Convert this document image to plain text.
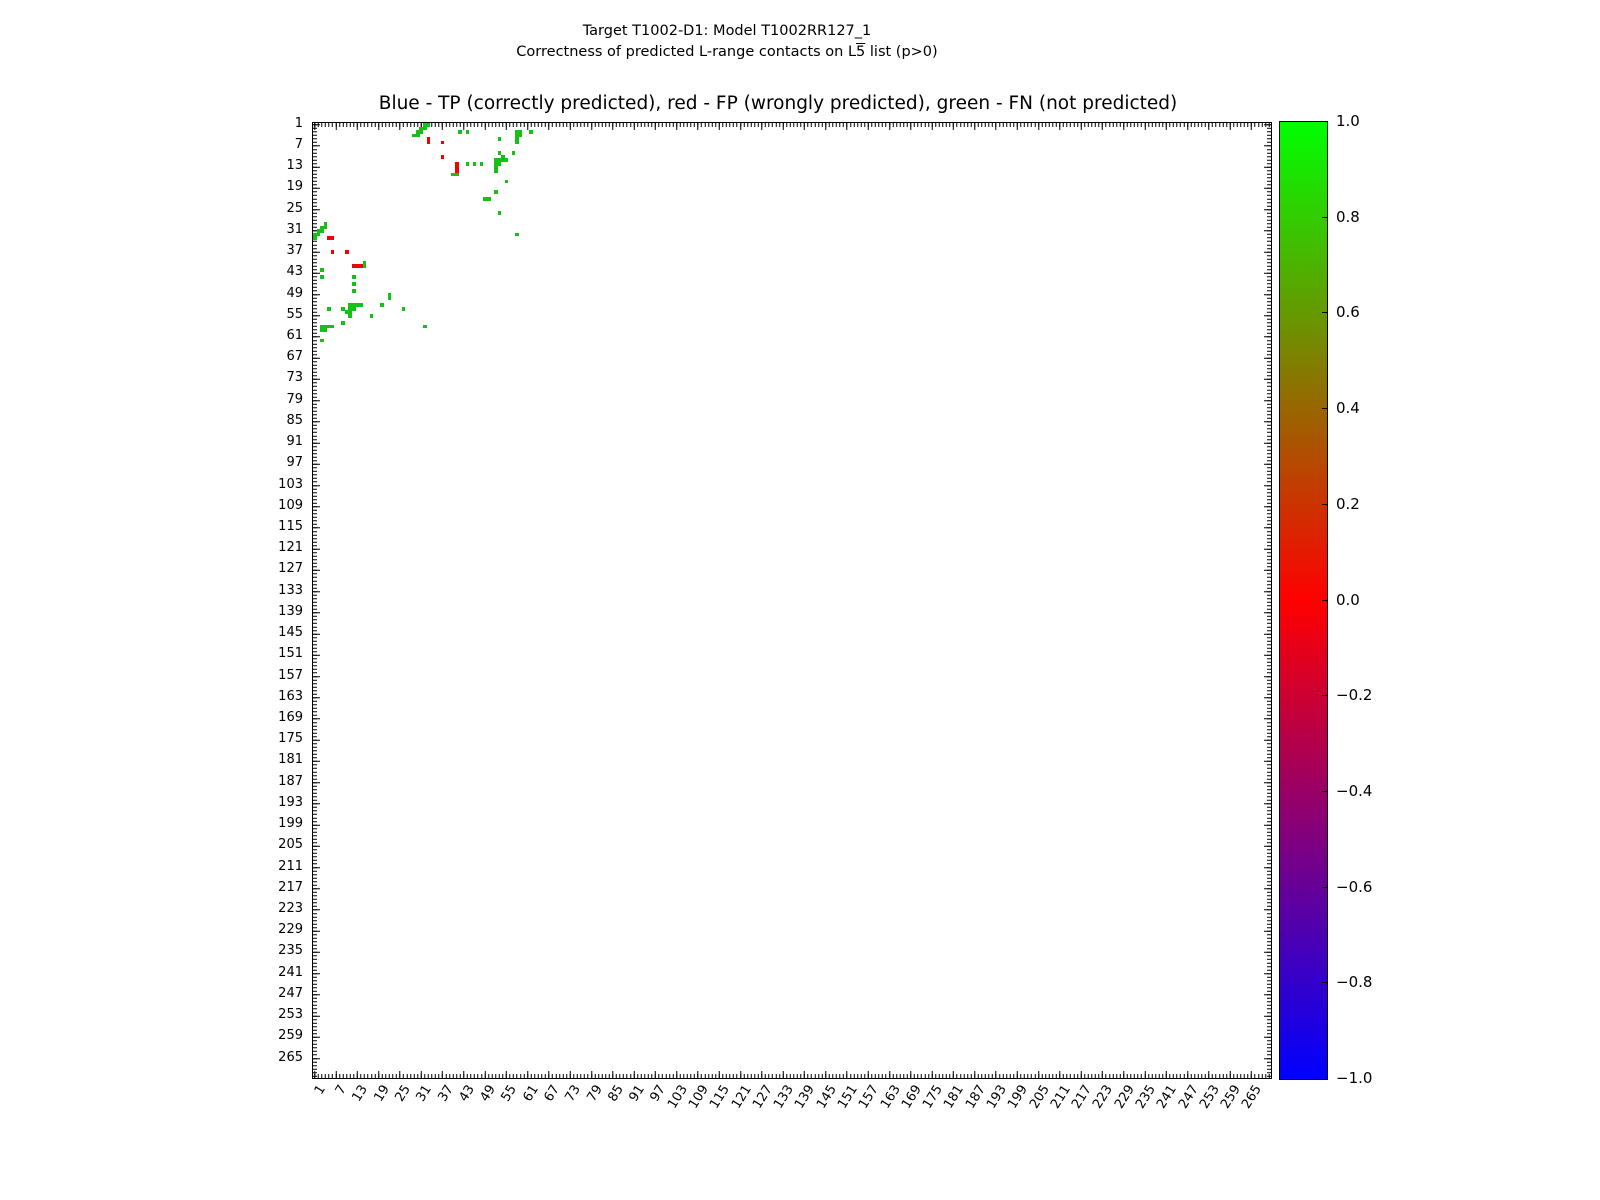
Target T1002-D1: Model T1002RR127_1
Correctness of predicted L-range contacts on L5 list (p>0)
Blue - TP (correctly predicted), red - FP (wrongly predicted), green - FN (not predicted)
1
7
13
19
25
31
37
43
49
55
61
67
73
79
85
91
97
103
109
115
121
127
133
139
145
151
157
163
169
175
181
187
193
199
205
211
217
223
229
235
241
247
253
259
265
1 7 13 19 25 31 37 43 49 55 61 67 73 79 85 91 97
103
109
115
121
127
133
139
145
151
157
163
169
175
181
187
193
199
205
211
217
223
229
235
241
247
253
259
265
1.0
0.8
0.6
0.4
0.2
0.0
−0.2
−0.4
−0.6
−0.8
−1.0
